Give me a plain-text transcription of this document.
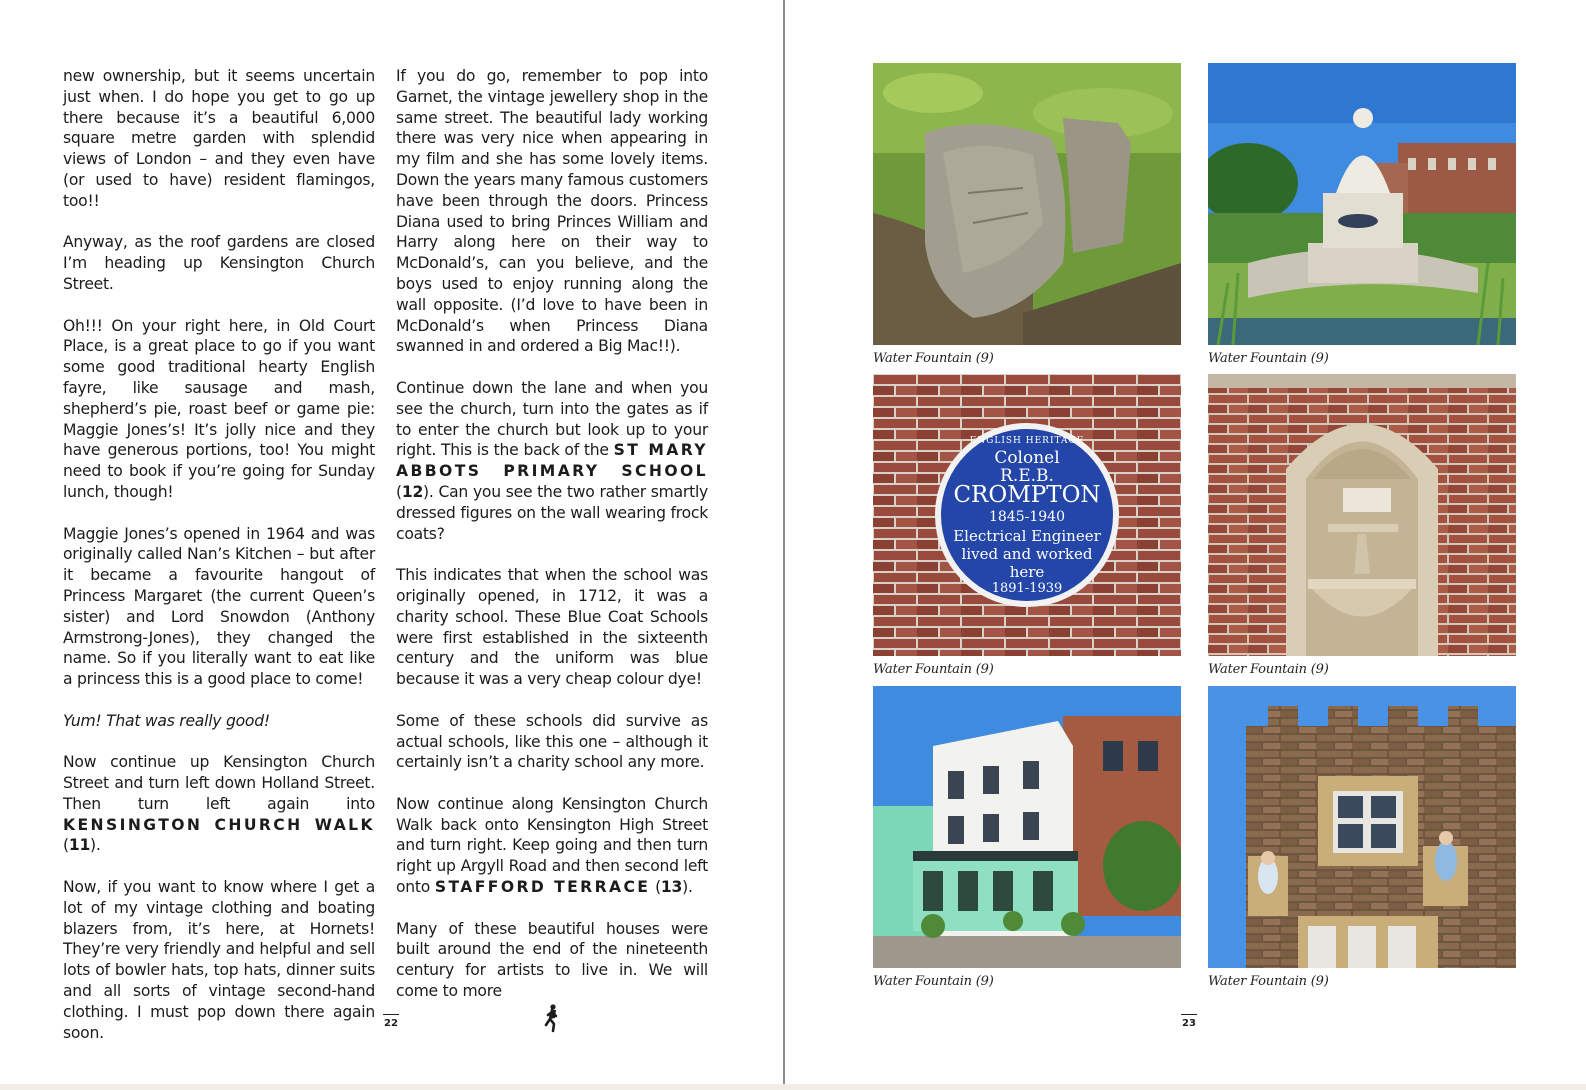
new ownership, but it seems uncertain just when. I do hope you get to go up there because it’s a beautiful 6,000 square metre garden with splendid views of London – and they even have (or used to have) resident flamingos, too!!

Anyway, as the roof gardens are closed I’m heading up Kensington Church Street.

Oh!!! On your right here, in Old Court Place, is a great place to go if you want some good traditional hearty English fayre, like sausage and mash, shepherd’s pie, roast beef or game pie: Maggie Jones’s! It’s jolly nice and they have generous portions, too! You might need to book if you’re going for Sunday lunch, though!

Maggie Jones’s opened in 1964 and was originally called Nan’s Kitchen – but after it became a favourite hangout of Princess Margaret (the current Queen’s sister) and Lord Snowdon (Anthony Armstrong-Jones), they changed the name. So if you literally want to eat like a princess this is a good place to come!

Yum! That was really good!

Now continue up Kensington Church Street and turn left down Holland Street. Then turn left again into KENSINGTON CHURCH WALK (11).

Now, if you want to know where I get a lot of my vintage clothing and boating blazers from, it’s here, at Hornets! They’re very friendly and helpful and sell lots of bowler hats, top hats, dinner suits and all sorts of vintage second-hand clothing. I must pop down there again soon.

If you do go, remember to pop into Garnet, the vintage jewellery shop in the same street. The beautiful lady working there was very nice when appearing in my film and she has some lovely items. Down the years many famous customers have been through the doors. Princess Diana used to bring Princes William and Harry along here on their way to McDonald’s, can you believe, and the boys used to enjoy running along the wall opposite. (I’d love to have been in McDonald’s when Princess Diana swanned in and ordered a Big Mac!!).

Continue down the lane and when you see the church, turn into the gates as if to enter the church but look up to your right. This is the back of the ST MARY ABBOTS PRIMARY SCHOOL (12). Can you see the two rather smartly dressed figures on the wall wearing frock coats?

This indicates that when the school was originally opened, in 1712, it was a charity school. These Blue Coat Schools were first established in the sixteenth century and the uniform was blue because it was a very cheap colour dye!

Some of these schools did survive as actual schools, like this one – although it certainly isn’t a charity school any more.

Now continue along Kensington Church Walk back onto Kensington High Street and turn right. Keep going and then turn right up Argyll Road and then second left onto STAFFORD TERRACE (13).

Many of these beautiful houses were built around the end of the nineteenth century for artists to live in. We will come to more

22
Water Fountain (9)	Water Fountain (9)
ENGLISH HERITAGE
Colonel
R.E.B.
CROMPTON
1845-1940
Electrical Engineer
lived and worked
here
1891-1939
Water Fountain (9)	Water Fountain (9)
Water Fountain (9)	Water Fountain (9)
23
